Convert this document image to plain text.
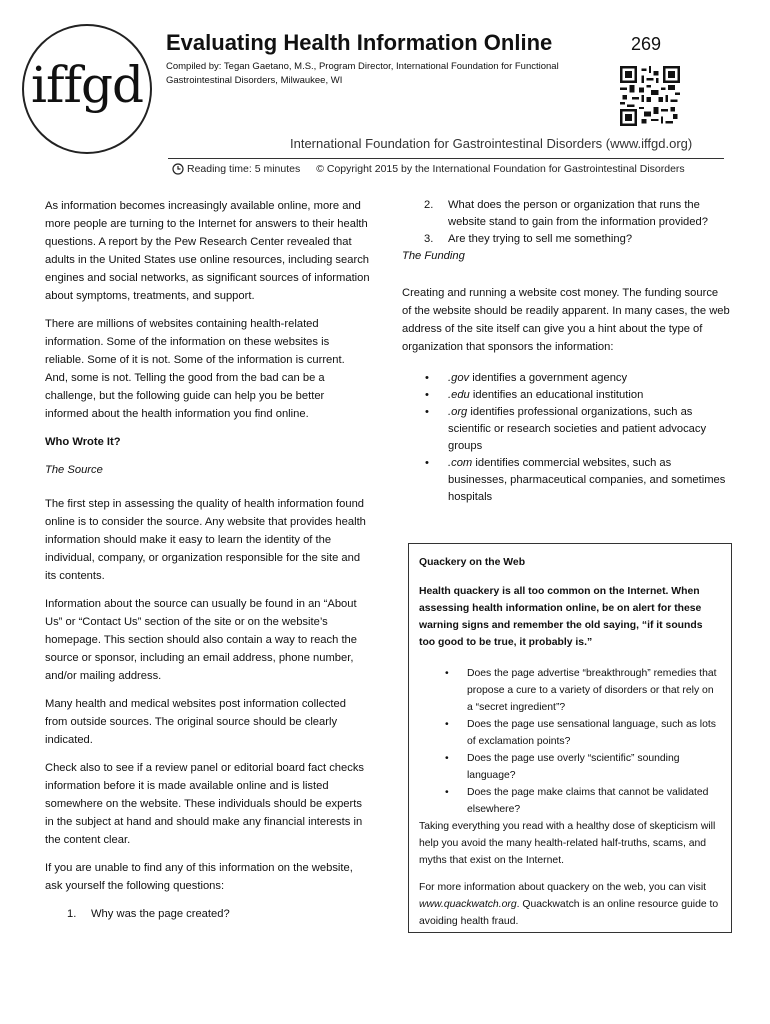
iffgd
Evaluating Health Information Online	269
Compiled by: Tegan Gaetano, M.S., Program Director, International Foundation for Functional Gastrointestinal Disorders, Milwaukee, WI
International Foundation for Gastrointestinal Disorders (www.iffgd.org)
Reading time: 5 minutes © Copyright 2015 by the International Foundation for Gastrointestinal Disorders

As information becomes increasingly available online, more and more people are turning to the Internet for answers to their health questions. A report by the Pew Research Center revealed that adults in the United States use online resources, including search engines and social networks, as significant sources of information about symptoms, treatments, and support.

There are millions of websites containing health-related information. Some of the information on these websites is reliable. Some of it is not. Some of the information is current. And, some is not. Telling the good from the bad can be a challenge, but the following guide can help you be better informed about the health information you find online.

Who Wrote It?

The Source

The first step in assessing the quality of health information found online is to consider the source. Any website that provides health information should make it easy to learn the identity of the individual, company, or organization responsible for the site and its contents.

Information about the source can usually be found in an “About Us” or “Contact Us” section of the site or on the website’s homepage. This section should also contain a way to reach the source or sponsor, including an email address, phone number, and/or mailing address.

Many health and medical websites post information collected from outside sources. The original source should be clearly indicated.

Check also to see if a review panel or editorial board fact checks information before it is made available online and is listed somewhere on the website. These individuals should be experts in the subject at hand and should make any financial interests in the content clear.

If you are unable to find any of this information on the website, ask yourself the following questions:

1. Why was the page created?
2. What does the person or organization that runs the website stand to gain from the information provided?
3. Are they trying to sell me something?

The Funding

Creating and running a website cost money. The funding source of the website should be readily apparent. In many cases, the web address of the site itself can give you a hint about the type of organization that sponsors the information:

• .gov identifies a government agency
• .edu identifies an educational institution
• .org identifies professional organizations, such as scientific or research societies and patient advocacy groups
• .com identifies commercial websites, such as businesses, pharmaceutical companies, and sometimes hospitals

Quackery on the Web

Health quackery is all too common on the Internet. When assessing health information online, be on alert for these warning signs and remember the old saying, “if it sounds too good to be true, it probably is.”

• Does the page advertise “breakthrough” remedies that propose a cure to a variety of disorders or that rely on a “secret ingredient”?
• Does the page use sensational language, such as lots of exclamation points?
• Does the page use overly “scientific” sounding language?
• Does the page make claims that cannot be validated elsewhere?

Taking everything you read with a healthy dose of skepticism will help you avoid the many health-related half-truths, scams, and myths that exist on the Internet.

For more information about quackery on the web, you can visit www.quackwatch.org. Quackwatch is an online resource guide to avoiding health fraud.
